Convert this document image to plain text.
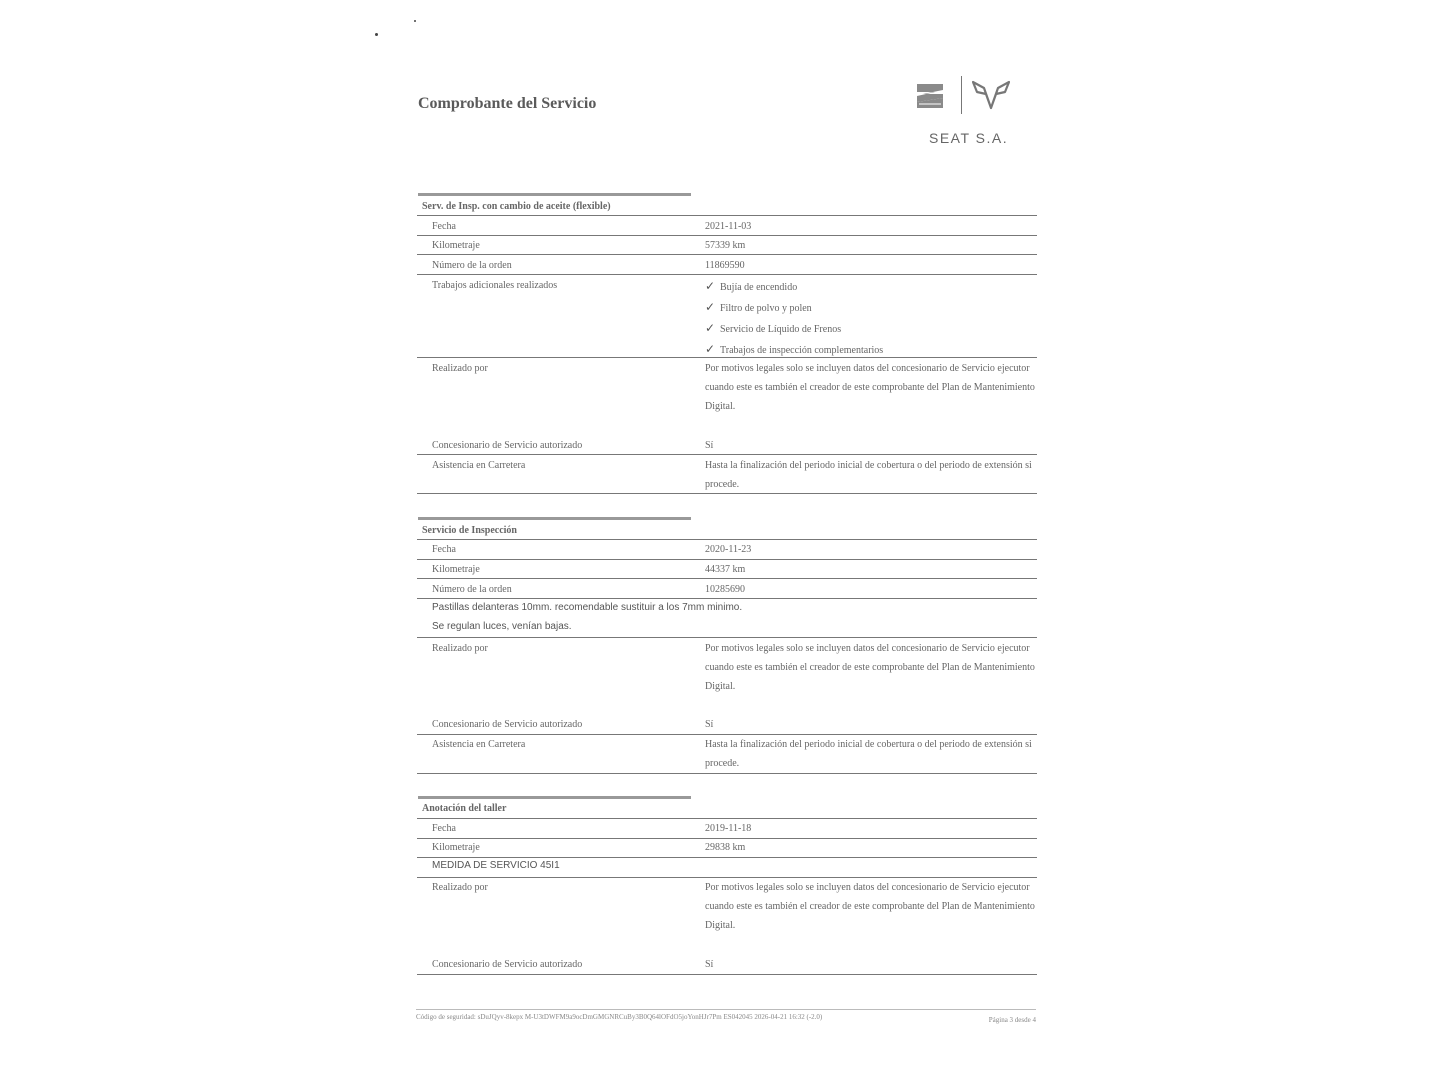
Comprobante del Servicio
SEAT S.A.
Serv. de Insp. con cambio de aceite (flexible)
Fecha	2021-11-03
Kilometraje	57339 km
Número de la orden	11869590
Trabajos adicionales realizados	✓ Bujía de encendido
✓ Filtro de polvo y polen
✓ Servicio de Líquido de Frenos
✓ Trabajos de inspección complementarios
Realizado por	Por motivos legales solo se incluyen datos del concesionario de Servicio ejecutor cuando este es también el creador de este comprobante del Plan de Mantenimiento Digital.
Concesionario de Servicio autorizado	Sí
Asistencia en Carretera	Hasta la finalización del periodo inicial de cobertura o del periodo de extensión si procede.
Servicio de Inspección
Fecha	2020-11-23
Kilometraje	44337 km
Número de la orden	10285690
Pastillas delanteras 10mm. recomendable sustituir a los 7mm minimo.
Se regulan luces, venían bajas.
Realizado por	Por motivos legales solo se incluyen datos del concesionario de Servicio ejecutor cuando este es también el creador de este comprobante del Plan de Mantenimiento Digital.
Concesionario de Servicio autorizado	Sí
Asistencia en Carretera	Hasta la finalización del periodo inicial de cobertura o del periodo de extensión si procede.
Anotación del taller
Fecha	2019-11-18
Kilometraje	29838 km
MEDIDA DE SERVICIO 45I1
Realizado por	Por motivos legales solo se incluyen datos del concesionario de Servicio ejecutor cuando este es también el creador de este comprobante del Plan de Mantenimiento Digital.
Concesionario de Servicio autorizado	Sí
Código de seguridad: sDuJQyv-8kepx M-U3tDWFM9a9ocDmGMGNRCuBy3B0Q64lOFdO5joYonHJr7Pm ES042045 2026-04-21 16:32 (-2.0)	Página 3 desde 4
